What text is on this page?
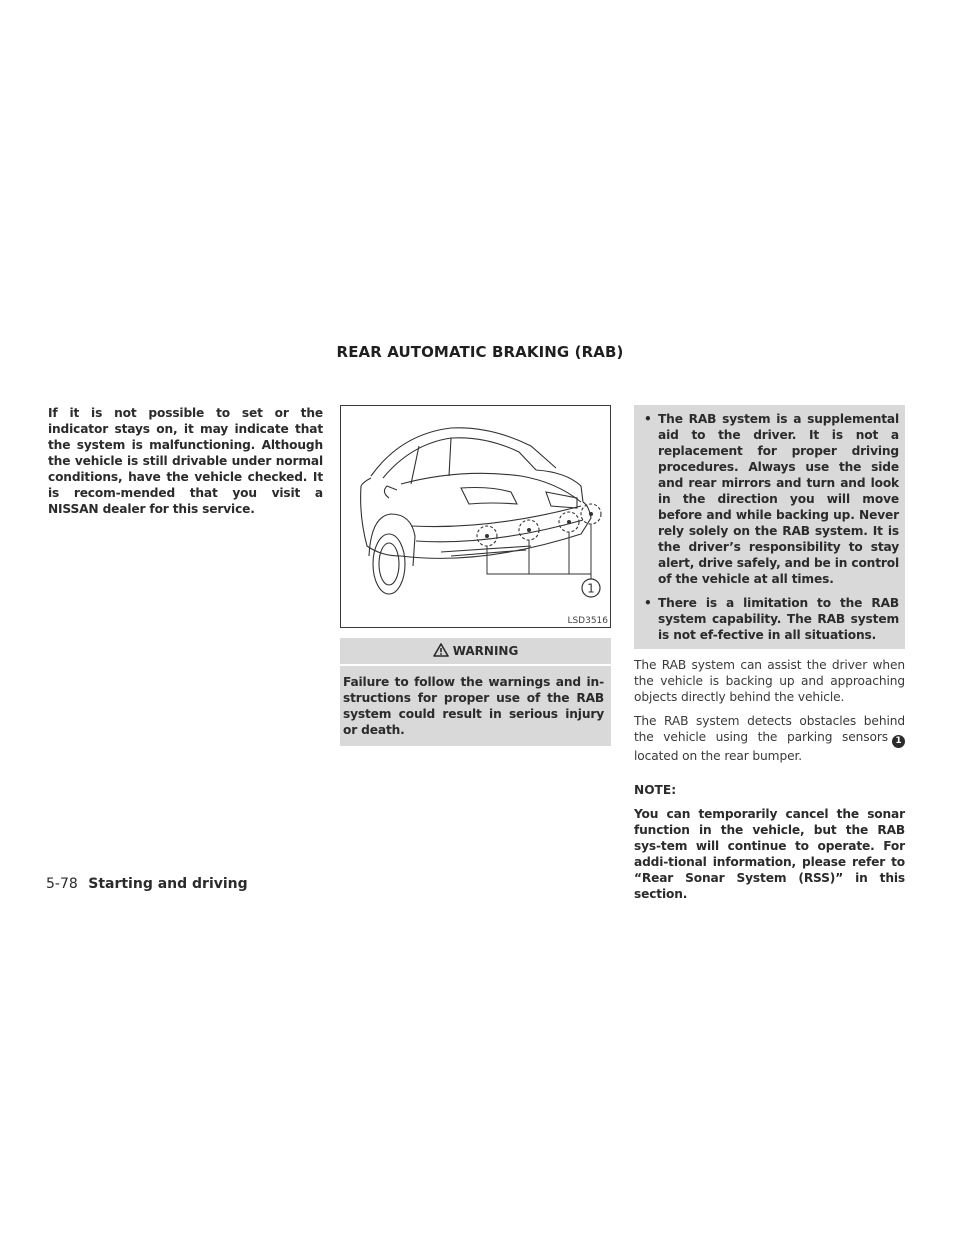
REAR AUTOMATIC BRAKING (RAB)

If it is not possible to set or the indicator stays on, it may indicate that the system is malfunctioning. Although the vehicle is still drivable under normal conditions, have the vehicle checked. It is recom-mended that you visit a NISSAN dealer for this service.

1
LSD3516
WARNING
Failure to follow the warnings and in-structions for proper use of the RAB system could result in serious injury or death.

• The RAB system is a supplemental aid to the driver. It is not a replacement for proper driving procedures. Always use the side and rear mirrors and turn and look in the direction you will move before and while backing up. Never rely solely on the RAB system. It is the driver’s responsibility to stay alert, drive safely, and be in control of the vehicle at all times.

• There is a limitation to the RAB system capability. The RAB system is not ef-fective in all situations.

The RAB system can assist the driver when the vehicle is backing up and approaching objects directly behind the vehicle.

The RAB system detects obstacles behind the vehicle using the parking sensors 1 located on the rear bumper.

NOTE:

You can temporarily cancel the sonar function in the vehicle, but the RAB sys-tem will continue to operate. For addi-tional information, please refer to “Rear Sonar System (RSS)” in this section.

5-78 Starting and driving
